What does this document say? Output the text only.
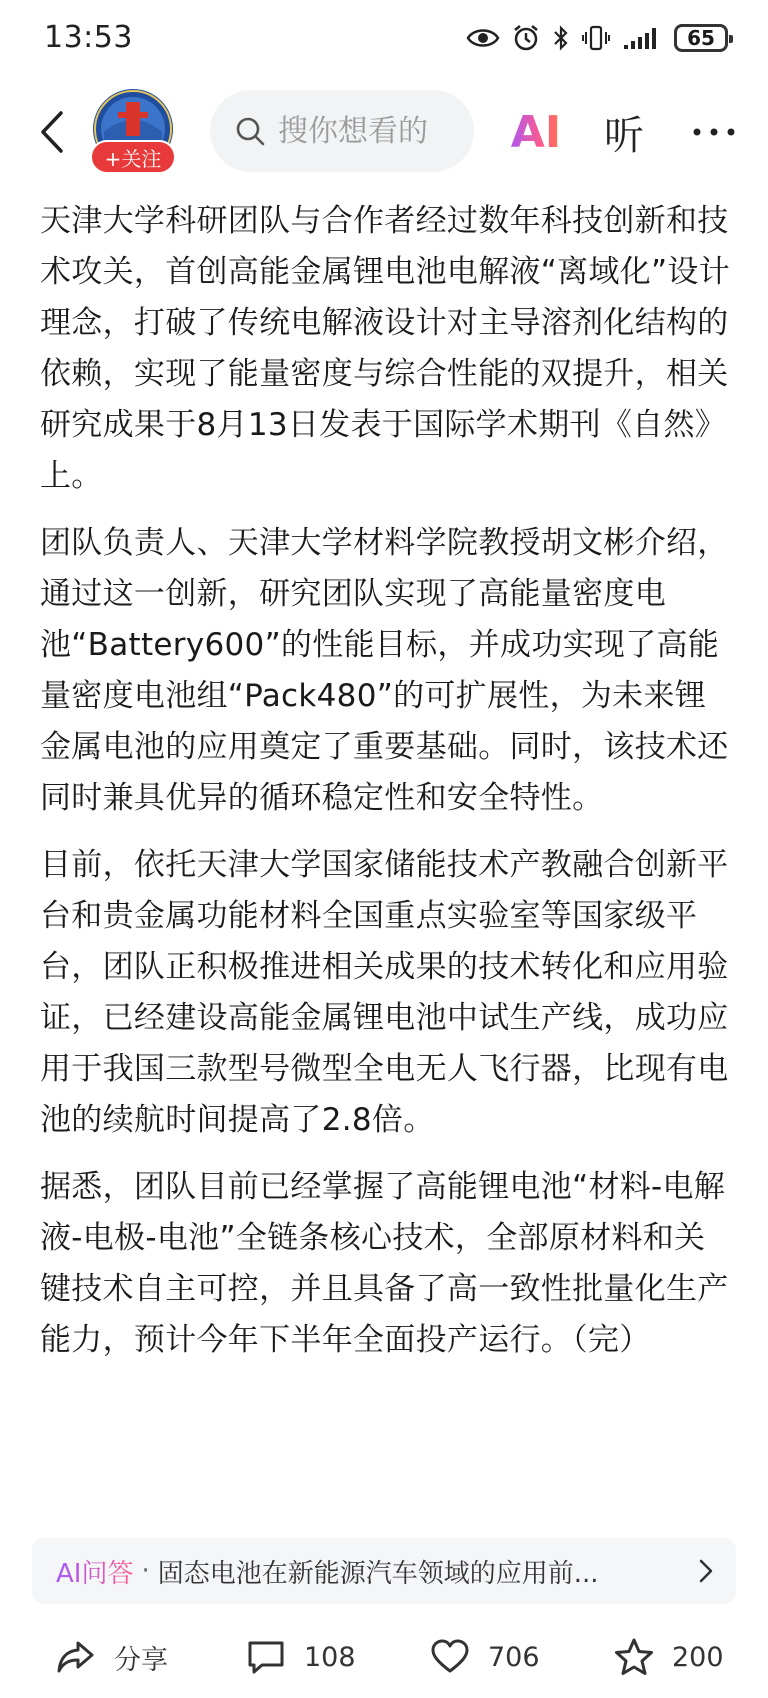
13:53	65
+关注
搜你想看的
AI 听

天津大学科研团队与合作者经过数年科技创新和技术攻关，首创高能金属锂电池电解液“离域化”设计理念，打破了传统电解液设计对主导溶剂化结构的依赖，实现了能量密度与综合性能的双提升，相关研究成果于8月13日发表于国际学术期刊《自然》上。

团队负责人、天津大学材料学院教授胡文彬介绍，通过这一创新，研究团队实现了高能量密度电池“Battery600”的性能目标，并成功实现了高能量密度电池组“Pack480”的可扩展性，为未来锂金属电池的应用奠定了重要基础。同时，该技术还同时兼具优异的循环稳定性和安全特性。

目前，依托天津大学国家储能技术产教融合创新平台和贵金属功能材料全国重点实验室等国家级平台，团队正积极推进相关成果的技术转化和应用验证，已经建设高能金属锂电池中试生产线，成功应用于我国三款型号微型全电无人飞行器，比现有电池的续航时间提高了2.8倍。

据悉，团队目前已经掌握了高能锂电池“材料-电解液-电极-电池”全链条核心技术，全部原材料和关键技术自主可控，并且具备了高一致性批量化生产能力，预计今年下半年全面投产运行。（完）

AI问答 · 固态电池在新能源汽车领域的应用前...
分享	108	706	200
